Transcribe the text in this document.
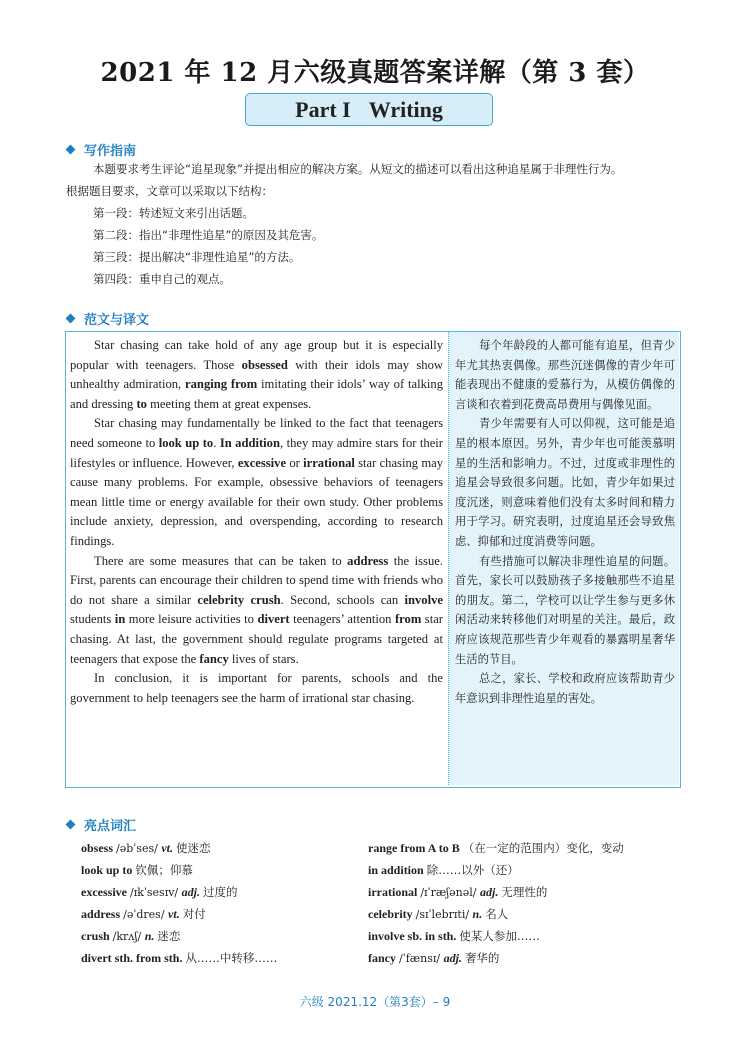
2021 年 12 月六级真题答案详解（第 3 套）
Part I Writing
写作指南
本题要求考生评论“追星现象”并提出相应的解决方案。从短文的描述可以看出这种追星属于非理性行为。
根据题目要求，文章可以采取以下结构：
第一段：转述短文来引出话题。
第二段：指出“非理性追星”的原因及其危害。
第三段：提出解决“非理性追星”的方法。
第四段：重申自己的观点。
范文与译文

Star chasing can take hold of any age group but it is especially popular with teenagers. Those obsessed with their idols may show unhealthy admiration, ranging from imitating their idols’ way of talking and dressing to meeting them at great expenses.

Star chasing may fundamentally be linked to the fact that teenagers need someone to look up to. In addition, they may admire stars for their lifestyles or influence. However, excessive or irrational star chasing may cause many problems. For example, obsessive behaviors of teenagers mean little time or energy available for their own study. Other problems include anxiety, depression, and overspending, according to research findings.

There are some measures that can be taken to address the issue. First, parents can encourage their children to spend time with friends who do not share a similar celebrity crush. Second, schools can involve students in more leisure activities to divert teenagers’ attention from star chasing. At last, the government should regulate programs targeted at teenagers that expose the fancy lives of stars.

In conclusion, it is important for parents, schools and the government to help teenagers see the harm of irrational star chasing.

每个年龄段的人都可能有追星，但青少年尤其热衷偶像。那些沉迷偶像的青少年可能表现出不健康的爱慕行为，从模仿偶像的言谈和衣着到花费高昂费用与偶像见面。

青少年需要有人可以仰视，这可能是追星的根本原因。另外，青少年也可能羡慕明星的生活和影响力。不过，过度或非理性的追星会导致很多问题。比如，青少年如果过度沉迷，则意味着他们没有太多时间和精力用于学习。研究表明，过度追星还会导致焦虑、抑郁和过度消费等问题。

有些措施可以解决非理性追星的问题。首先，家长可以鼓励孩子多接触那些不追星的朋友。第二，学校可以让学生参与更多休闲活动来转移他们对明星的关注。最后，政府应该规范那些青少年观看的暴露明星奢华生活的节目。

总之，家长、学校和政府应该帮助青少年意识到非理性追星的害处。

亮点词汇
obsess /əbˈses/ vt. 使迷恋
look up to 钦佩；仰慕
excessive /ɪkˈsesɪv/ adj. 过度的
address /əˈdres/ vt. 对付
crush /krʌʃ/ n. 迷恋
divert sth. from sth. 从……中转移……
range from A to B （在一定的范围内）变化，变动
in addition 除……以外（还）
irrational /ɪˈræʃənəl/ adj. 无理性的
celebrity /sɪˈlebrɪti/ n. 名人
involve sb. in sth. 使某人参加……
fancy /ˈfænsɪ/ adj. 奢华的
六级 2021.12（第3套）– 9
